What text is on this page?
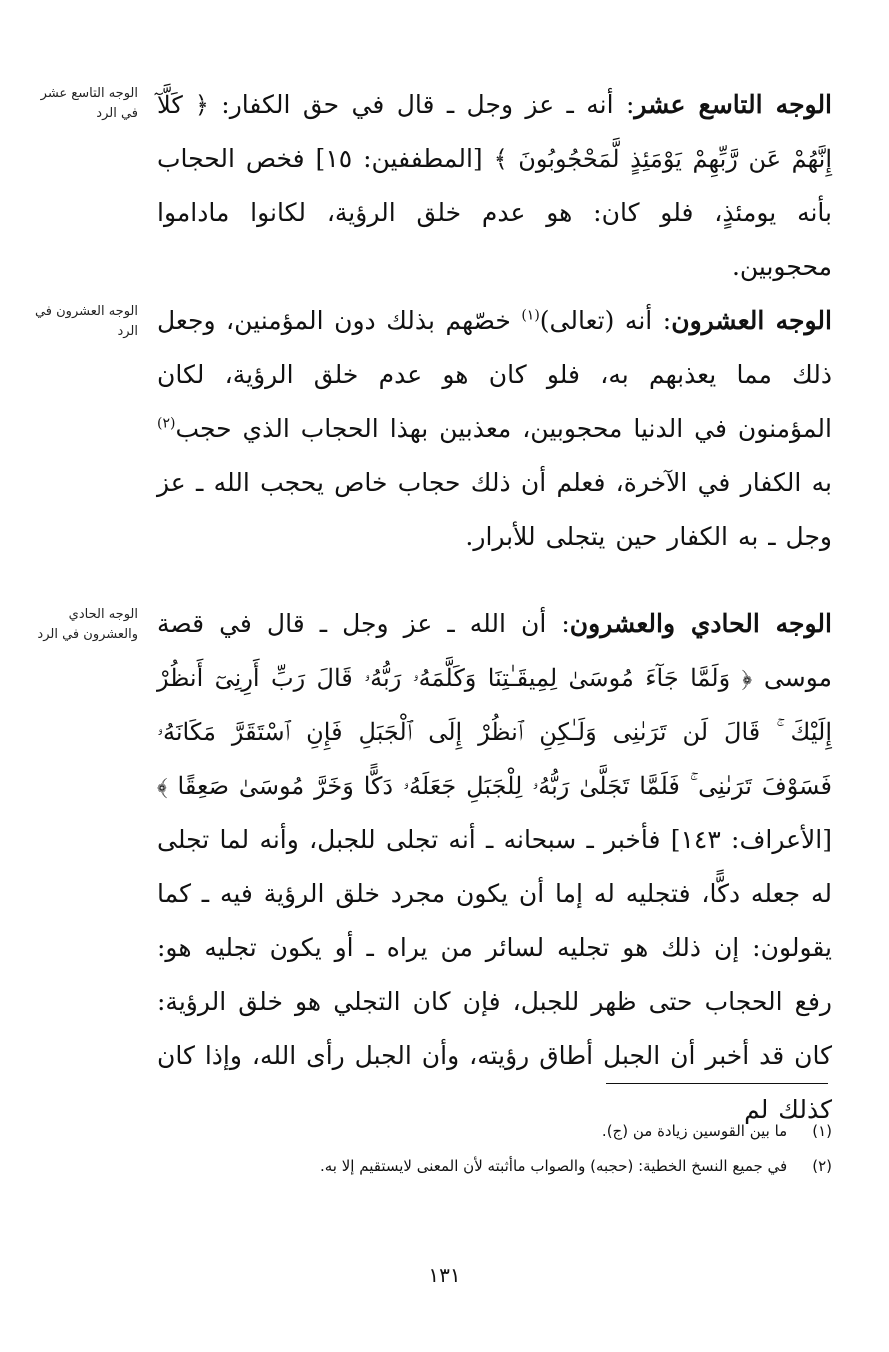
الوجه التاسع عشر في الرد
الوجه العشرون في الرد
الوجه الحادي والعشرون في الرد
الوجه التاسع عشر: أنه ـ عز وجل ـ قال في حق الكفار: ﴿ كَلَّآ إِنَّهُمْ عَن رَّبِّهِمْ يَوْمَئِذٍ لَّمَحْجُوبُونَ ﴾ [المطففين: ١٥] فخص الحجاب بأنه يومئذٍ، فلو كان: هو عدم خلق الرؤية، لكانوا ماداموا محجوبين.
الوجه العشرون: أنه (تعالى)$^{(١)}$ خصّهم بذلك دون المؤمنين، وجعل ذلك مما يعذبهم به، فلو كان هو عدم خلق الرؤية، لكان المؤمنون في الدنيا محجوبين، معذبين بهذا الحجاب الذي حجب$^{(٢)}$ به الكفار في الآخرة، فعلم أن ذلك حجاب خاص يحجب الله ـ عز وجل ـ به الكفار حين يتجلى للأبرار.
الوجه الحادي والعشرون: أن الله ـ عز وجل ـ قال في قصة موسى ﴿ وَلَمَّا جَآءَ مُوسَىٰ لِمِيقَـٰتِنَا وَكَلَّمَهُۥ رَبُّهُۥ قَالَ رَبِّ أَرِنِىٓ أَنظُرْ إِلَيْكَ ۚ قَالَ لَن تَرَىٰنِى وَلَـٰكِنِ ٱنظُرْ إِلَى ٱلْجَبَلِ فَإِنِ ٱسْتَقَرَّ مَكَانَهُۥ فَسَوْفَ تَرَىٰنِى ۚ فَلَمَّا تَجَلَّىٰ رَبُّهُۥ لِلْجَبَلِ جَعَلَهُۥ دَكًّا وَخَرَّ مُوسَىٰ صَعِقًا ﴾ [الأعراف: ١٤٣] فأخبر ـ سبحانه ـ أنه تجلى للجبل، وأنه لما تجلى له جعله دكًّا، فتجليه له إما أن يكون مجرد خلق الرؤية فيه ـ كما يقولون: إن ذلك هو تجليه لسائر من يراه ـ أو يكون تجليه هو: رفع الحجاب حتى ظهر للجبل، فإن كان التجلي هو خلق الرؤية: كان قد أخبر أن الجبل أطاق رؤيته، وأن الجبل رأى الله، وإذا كان كذلك لم
(١) ما بين القوسين زيادة من (ج).
(٢) في جميع النسخ الخطية: (حجبه) والصواب ماأثبته لأن المعنى لايستقيم إلا به.
١٣١
